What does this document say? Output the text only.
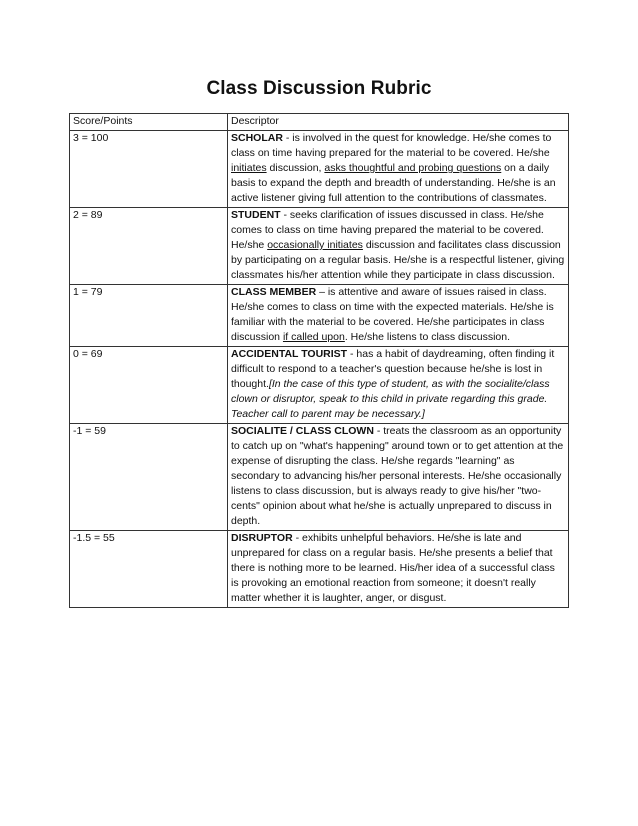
Class Discussion Rubric
Score/Points	Descriptor
3 = 100	SCHOLAR - is involved in the quest for knowledge. He/she comes to class on time having prepared for the material to be covered. He/she initiates discussion, asks thoughtful and probing questions on a daily basis to expand the depth and breadth of understanding. He/she is an active listener giving full attention to the contributions of classmates.
2 = 89	STUDENT - seeks clarification of issues discussed in class. He/she comes to class on time having prepared the material to be covered. He/she occasionally initiates discussion and facilitates class discussion by participating on a regular basis. He/she is a respectful listener, giving classmates his/her attention while they participate in class discussion.
1 = 79	CLASS MEMBER – is attentive and aware of issues raised in class. He/she comes to class on time with the expected materials. He/she is familiar with the material to be covered. He/she participates in class discussion if called upon. He/she listens to class discussion.
0 = 69	ACCIDENTAL TOURIST - has a habit of daydreaming, often finding it difficult to respond to a teacher's question because he/she is lost in thought.[In the case of this type of student, as with the socialite/class clown or disruptor, speak to this child in private regarding this grade. Teacher call to parent may be necessary.]
-1 = 59	SOCIALITE / CLASS CLOWN - treats the classroom as an opportunity to catch up on "what's happening" around town or to get attention at the expense of disrupting the class. He/she regards "learning" as secondary to advancing his/her personal interests. He/she occasionally listens to class discussion, but is always ready to give his/her "two-cents" opinion about what he/she is actually unprepared to discuss in depth.
-1.5 = 55	DISRUPTOR - exhibits unhelpful behaviors. He/she is late and unprepared for class on a regular basis. He/she presents a belief that there is nothing more to be learned. His/her idea of a successful class is provoking an emotional reaction from someone; it doesn't really matter whether it is laughter, anger, or disgust.
